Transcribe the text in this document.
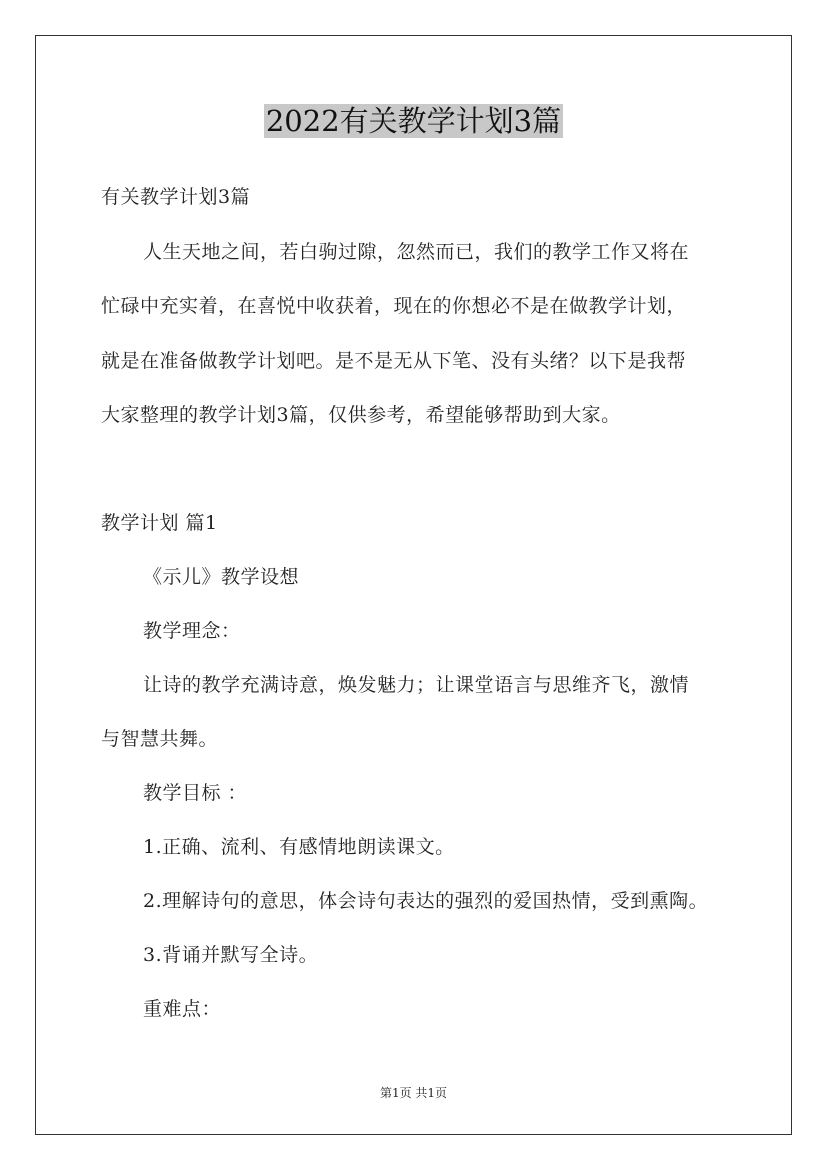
2022有关教学计划3篇
有关教学计划3篇
人生天地之间，若白驹过隙，忽然而已，我们的教学工作又将在
忙碌中充实着，在喜悦中收获着，现在的你想必不是在做教学计划，
就是在准备做教学计划吧。是不是无从下笔、没有头绪？以下是我帮
大家整理的教学计划3篇，仅供参考，希望能够帮助到大家。
教学计划 篇1
《示儿》教学设想
教学理念：
让诗的教学充满诗意，焕发魅力；让课堂语言与思维齐飞，激情
与智慧共舞。
教学目标 ：
1.正确、流利、有感情地朗读课文。
2.理解诗句的意思，体会诗句表达的强烈的爱国热情，受到熏陶。
3.背诵并默写全诗。
重难点：
第1页 共1页
